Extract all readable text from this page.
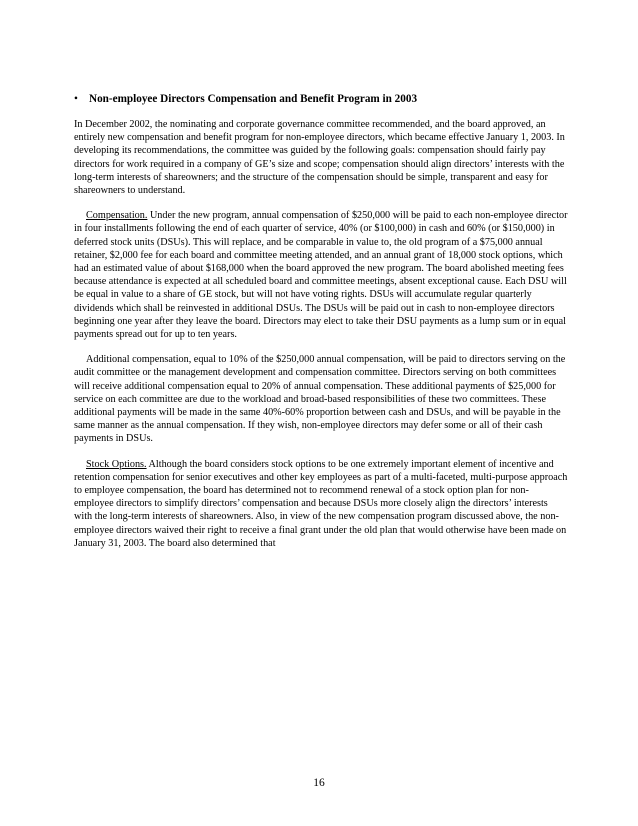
• Non-employee Directors Compensation and Benefit Program in 2003

In December 2002, the nominating and corporate governance committee recommended, and the board approved, an entirely new compensation and benefit program for non-employee directors, which became effective January 1, 2003. In developing its recommendations, the committee was guided by the following goals: compensation should fairly pay directors for work required in a company of GE’s size and scope; compensation should align directors’ interests with the long-term interests of shareowners; and the structure of the compensation should be simple, transparent and easy for shareowners to understand.

Compensation. Under the new program, annual compensation of $250,000 will be paid to each non-employee director in four installments following the end of each quarter of service, 40% (or $100,000) in cash and 60% (or $150,000) in deferred stock units (DSUs). This will replace, and be comparable in value to, the old program of a $75,000 annual retainer, $2,000 fee for each board and committee meeting attended, and an annual grant of 18,000 stock options, which had an estimated value of about $168,000 when the board approved the new program. The board abolished meeting fees because attendance is expected at all scheduled board and committee meetings, absent exceptional cause. Each DSU will be equal in value to a share of GE stock, but will not have voting rights. DSUs will accumulate regular quarterly dividends which shall be reinvested in additional DSUs. The DSUs will be paid out in cash to non-employee directors beginning one year after they leave the board. Directors may elect to take their DSU payments as a lump sum or in equal payments spread out for up to ten years.

Additional compensation, equal to 10% of the $250,000 annual compensation, will be paid to directors serving on the audit committee or the management development and compensation committee. Directors serving on both committees will receive additional compensation equal to 20% of annual compensation. These additional payments of $25,000 for service on each committee are due to the workload and broad-based responsibilities of these two committees. These additional payments will be made in the same 40%-60% proportion between cash and DSUs, and will be payable in the same manner as the annual compensation. If they wish, non-employee directors may defer some or all of their cash payments in DSUs.

Stock Options. Although the board considers stock options to be one extremely important element of incentive and retention compensation for senior executives and other key employees as part of a multi-faceted, multi-purpose approach to employee compensation, the board has determined not to recommend renewal of a stock option plan for non-employee directors to simplify directors’ compensation and because DSUs more closely align the directors’ interests with the long-term interests of shareowners. Also, in view of the new compensation program discussed above, the non-employee directors waived their right to receive a final grant under the old plan that would otherwise have been made on January 31, 2003. The board also determined that

16
